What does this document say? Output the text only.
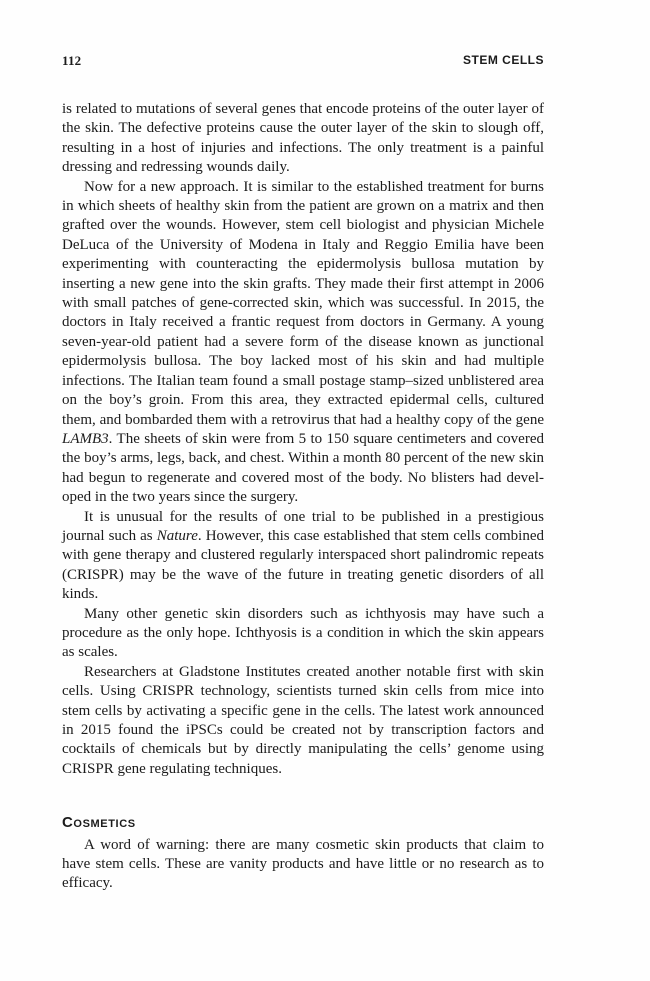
112	STEM CELLS

is related to mutations of several genes that encode proteins of the outer layer of the skin. The defective proteins cause the outer layer of the skin to slough off, resulting in a host of injuries and infections. The only treatment is a painful dressing and redressing wounds daily.

Now for a new approach. It is similar to the established treatment for burns in which sheets of healthy skin from the patient are grown on a matrix and then grafted over the wounds. However, stem cell biologist and physician Michele DeLuca of the University of Modena in Italy and Reggio Emilia have been experimenting with counteracting the epidermolysis bullosa mutation by inserting a new gene into the skin grafts. They made their first attempt in 2006 with small patches of gene-corrected skin, which was successful. In 2015, the doctors in Italy received a frantic request from doctors in Germany. A young seven-year-old patient had a severe form of the disease known as junctional epidermolysis bullosa. The boy lacked most of his skin and had multiple infections. The Italian team found a small postage stamp–sized unblistered area on the boy’s groin. From this area, they extracted epidermal cells, cultured them, and bombarded them with a retrovirus that had a healthy copy of the gene LAMB3. The sheets of skin were from 5 to 150 square centimeters and covered the boy’s arms, legs, back, and chest. Within a month 80 percent of the new skin had begun to regenerate and covered most of the body. No blisters had developed in the two years since the surgery.

It is unusual for the results of one trial to be published in a prestigious journal such as Nature. However, this case established that stem cells combined with gene therapy and clustered regularly interspaced short palindromic repeats (CRISPR) may be the wave of the future in treating genetic disorders of all kinds.

Many other genetic skin disorders such as ichthyosis may have such a procedure as the only hope. Ichthyosis is a condition in which the skin appears as scales.

Researchers at Gladstone Institutes created another notable first with skin cells. Using CRISPR technology, scientists turned skin cells from mice into stem cells by activating a specific gene in the cells. The latest work announced in 2015 found the iPSCs could be created not by transcription factors and cocktails of chemicals but by directly manipulating the cells’ genome using CRISPR gene regulating techniques.

Cosmetics

A word of warning: there are many cosmetic skin products that claim to have stem cells. These are vanity products and have little or no research as to efficacy.
